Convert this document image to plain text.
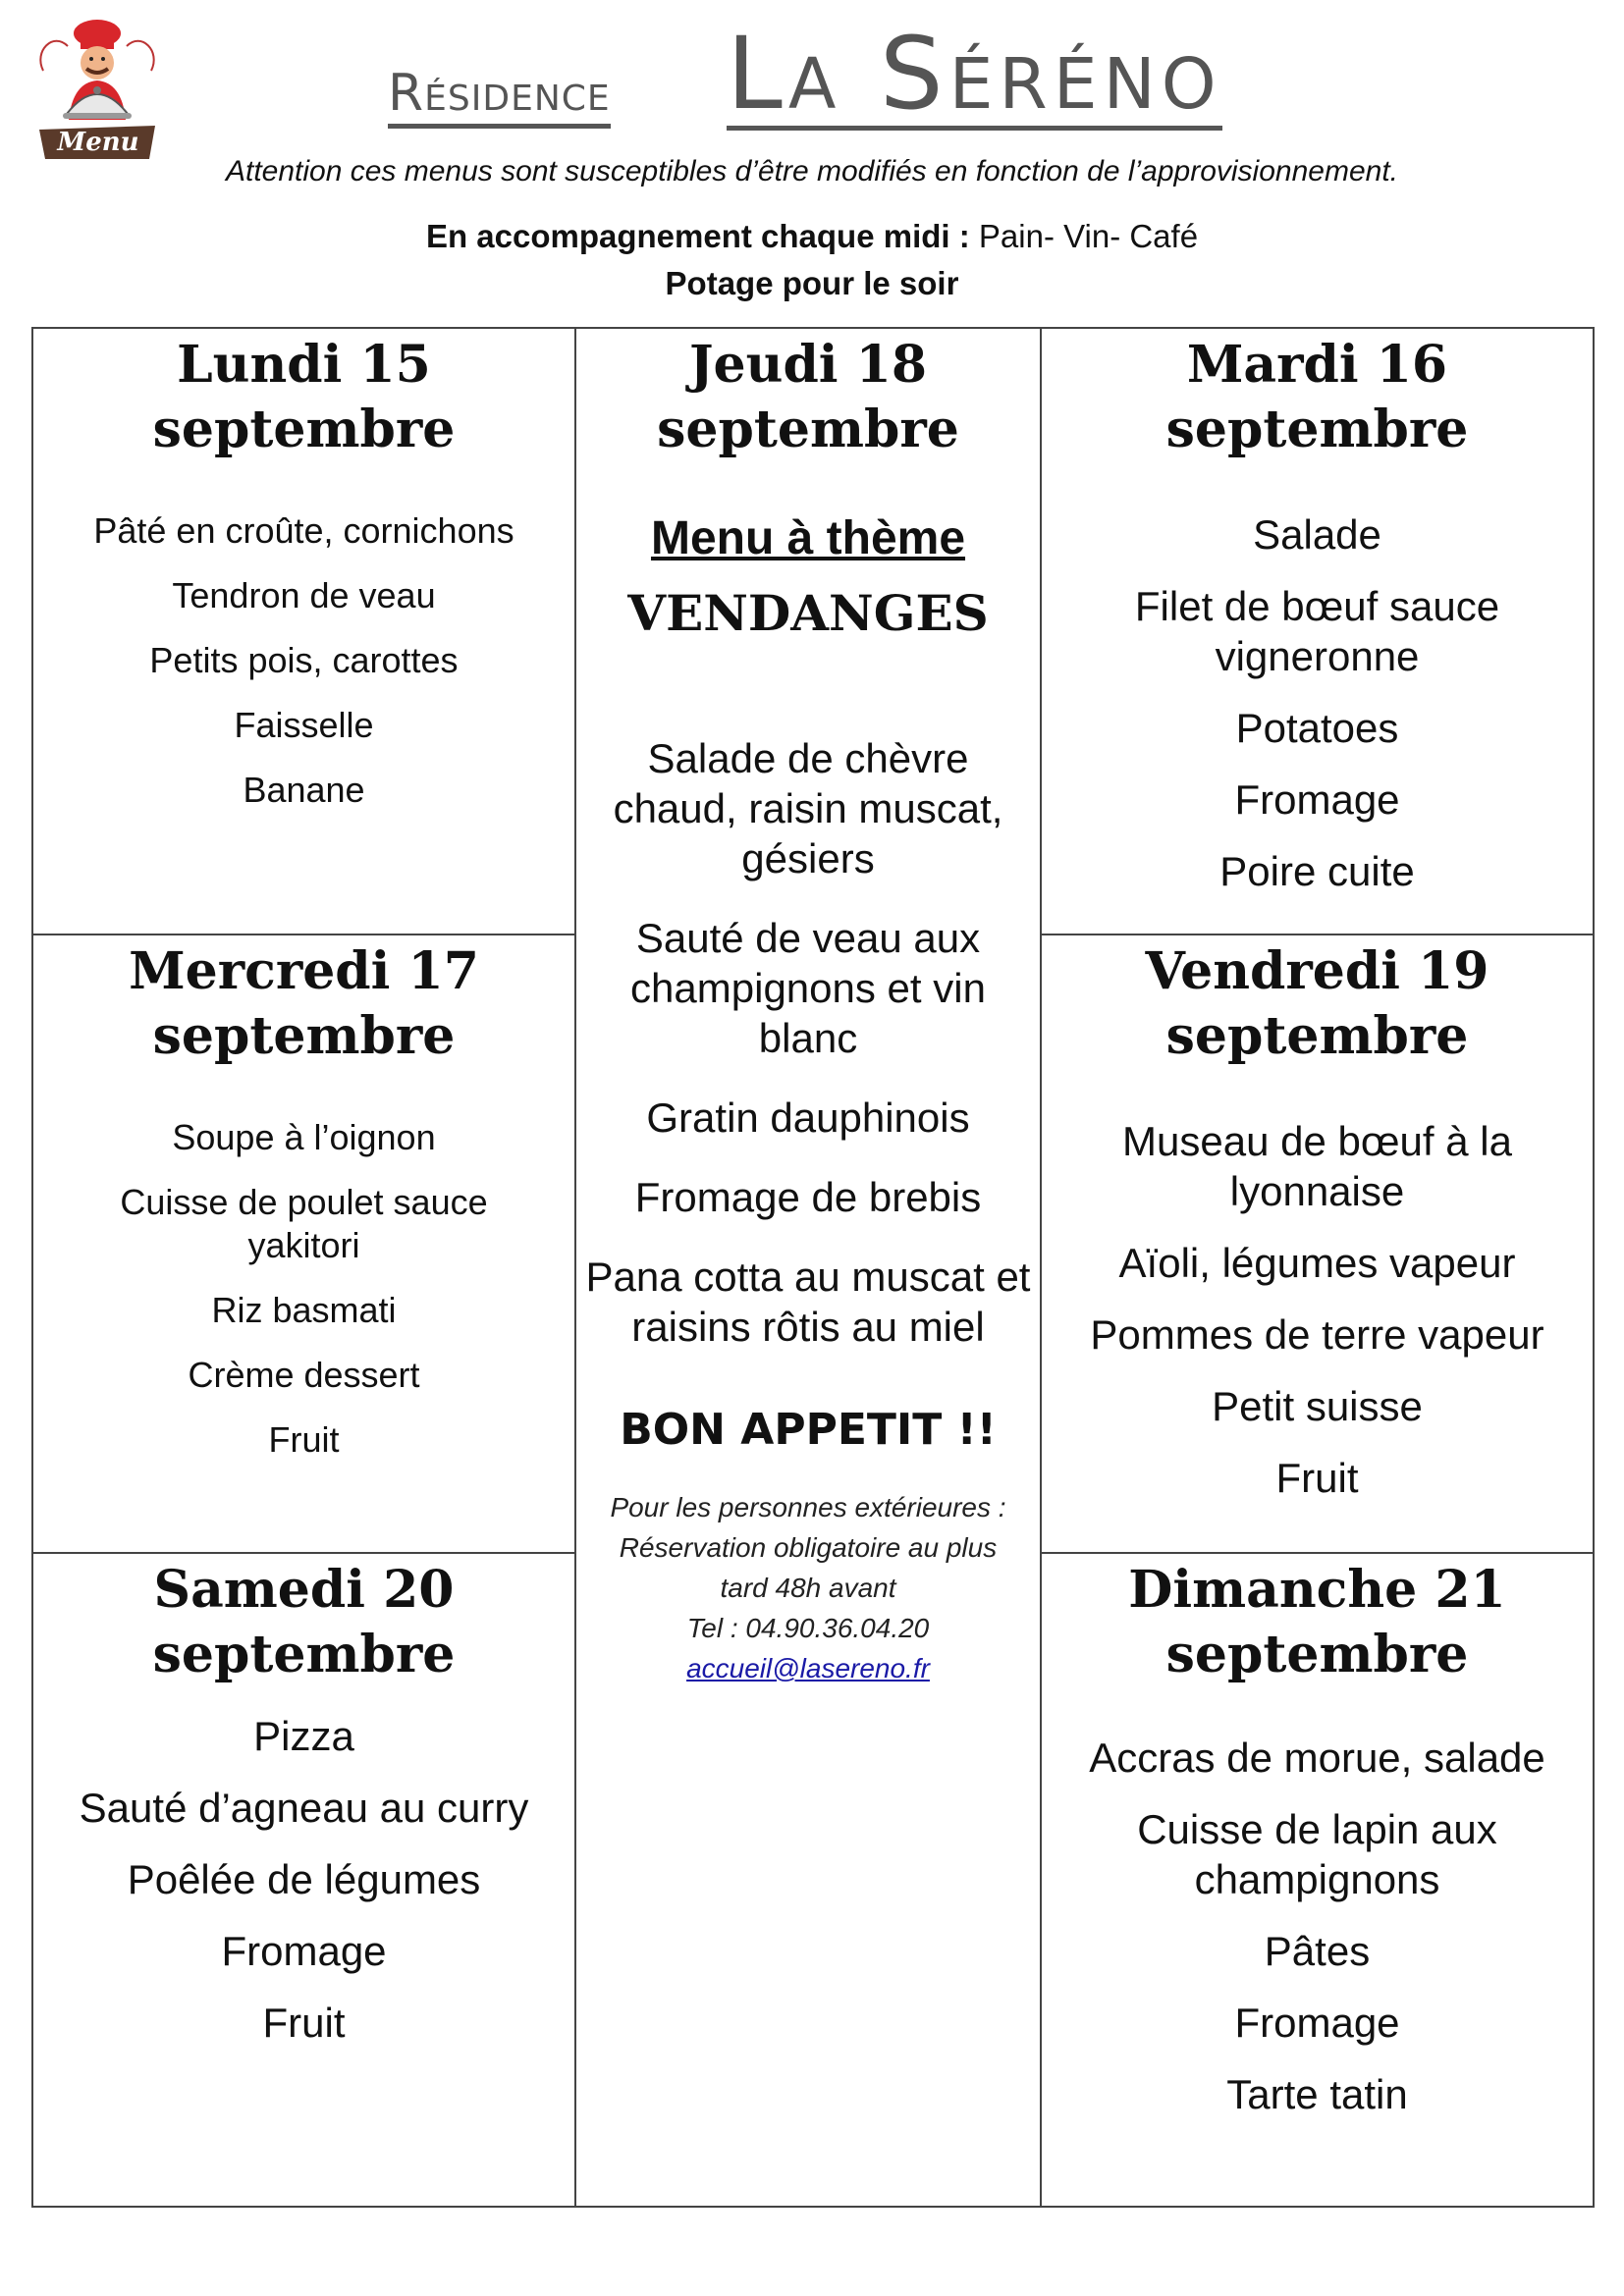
Menu
Résidence La Séréno
Attention ces menus sont susceptibles d’être modifiés en fonction de l’approvisionnement.
En accompagnement chaque midi : Pain- Vin- Café
Potage pour le soir
Lundi 15
septembre
Pâté en croûte, cornichons
Tendron de veau
Petits pois, carottes
Faisselle
Banane
Mercredi 17
septembre
Soupe à l’oignon
Cuisse de poulet sauce yakitori
Riz basmati
Crème dessert
Fruit
Samedi 20
septembre
Pizza
Sauté d’agneau au curry
Poêlée de légumes
Fromage
Fruit
Jeudi 18
septembre
Menu à thème
VENDANGES
Salade de chèvre chaud, raisin muscat, gésiers
Sauté de veau aux champignons et vin blanc
Gratin dauphinois
Fromage de brebis
Pana cotta au muscat et raisins rôtis au miel
BON APPETIT !!
Pour les personnes extérieures :
Réservation obligatoire au plus
tard 48h avant
Tel : 04.90.36.04.20
accueil@lasereno.fr
Mardi 16
septembre
Salade
Filet de bœuf sauce vigneronne
Potatoes
Fromage
Poire cuite
Vendredi 19
septembre
Museau de bœuf à la lyonnaise
Aïoli, légumes vapeur
Pommes de terre vapeur
Petit suisse
Fruit
Dimanche 21
septembre
Accras de morue, salade
Cuisse de lapin aux champignons
Pâtes
Fromage
Tarte tatin
